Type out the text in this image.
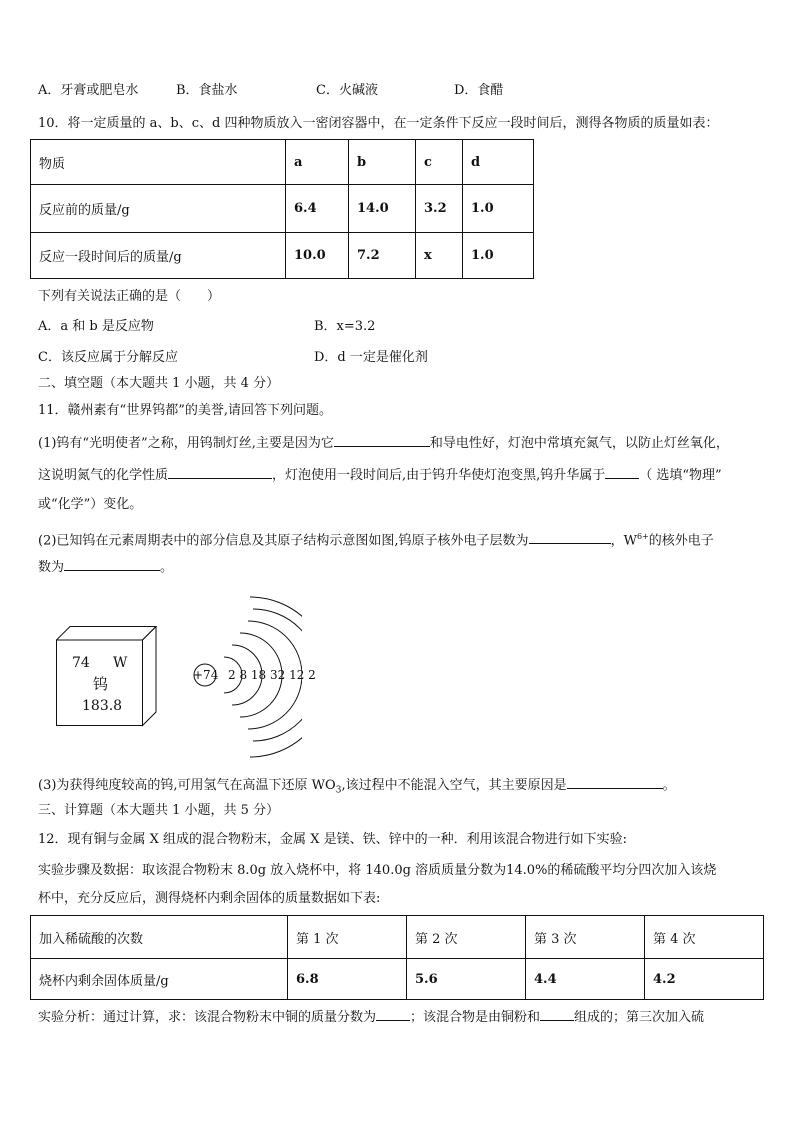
A．牙膏或肥皂水	B．食盐水	C．火碱液	D．食醋
10．将一定质量的 a、b、c、d 四种物质放入一密闭容器中，在一定条件下反应一段时间后，测得各物质的质量如表：
物质	a	b	c	d
反应前的质量/g	6.4	14.0	3.2	1.0
反应一段时间后的质量/g	10.0	7.2	x	1.0
下列有关说法正确的是（　　）
A．a 和 b 是反应物	B．x=3.2
C．该反应属于分解反应	D．d 一定是催化剂
二、填空题（本大题共 1 小题，共 4 分）
11．赣州素有“世界钨都”的美誉,请回答下列问题。
(1)钨有“光明使者”之称，用钨制灯丝,主要是因为它	和导电性好，灯泡中常填充氮气，以防止灯丝氧化，
这说明氮气的化学性质	，灯泡使用一段时间后,由于钨升华使灯泡变黑,钨升华属于	（ 选填“物理”
或“化学”）变化。
(2)已知钨在元素周期表中的部分信息及其原子结构示意图如图,钨原子核外电子层数为	，$W^{6+}$的核外电子
数为	。
74 W
钨
183.8
+74 2 8 18 32 12 2
(3)为获得纯度较高的钨,可用氢气在高温下还原 $WO_3$,该过程中不能混入空气，其主要原因是	。
三、计算题（本大题共 1 小题，共 5 分）
12．现有铜与金属 X 组成的混合物粉末，金属 X 是镁、铁、锌中的一种．利用该混合物进行如下实验:
实验步骤及数据：取该混合物粉末 8.0g 放入烧杯中，将 140.0g 溶质质量分数为14.0%的稀硫酸平均分四次加入该烧
杯中，充分反应后，测得烧杯内剩余固体的质量数据如下表:
加入稀硫酸的次数	第 1 次	第 2 次	第 3 次	第 4 次
烧杯内剩余固体质量/g	6.8	5.6	4.4	4.2
实验分析：通过计算，求：该混合物粉末中铜的质量分数为	；该混合物是由铜粉和	组成的；第三次加入硫
